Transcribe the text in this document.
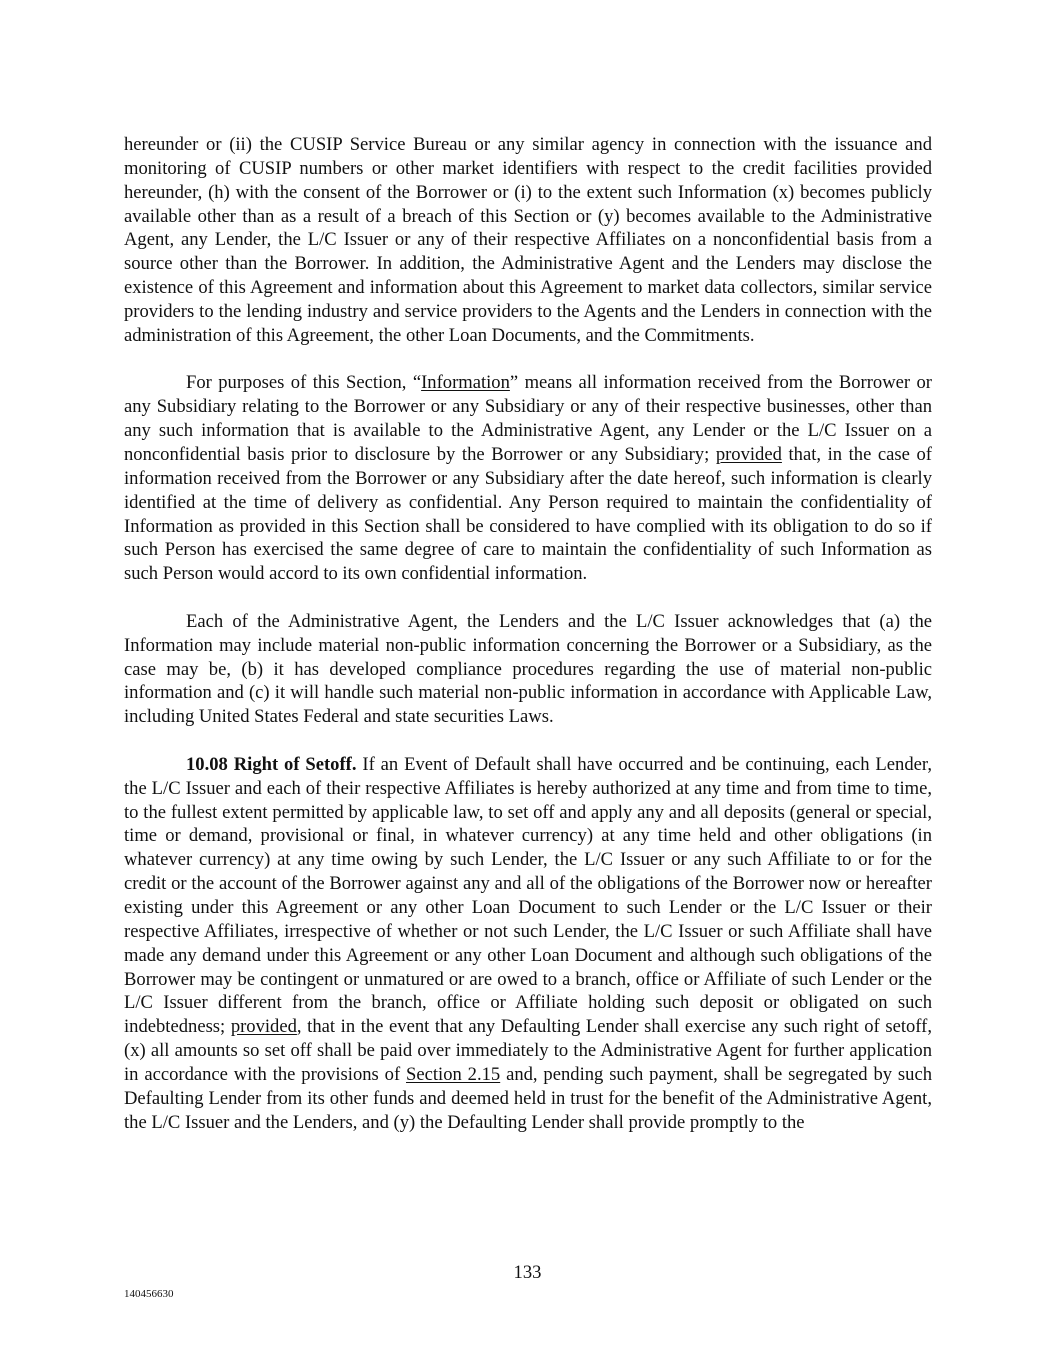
hereunder or (ii) the CUSIP Service Bureau or any similar agency in connection with the issuance and monitoring of CUSIP numbers or other market identifiers with respect to the credit facilities provided hereunder, (h) with the consent of the Borrower or (i) to the extent such Information (x) becomes publicly available other than as a result of a breach of this Section or (y) becomes available to the Administrative Agent, any Lender, the L/C Issuer or any of their respective Affiliates on a nonconfidential basis from a source other than the Borrower. In addition, the Administrative Agent and the Lenders may disclose the existence of this Agreement and information about this Agreement to market data collectors, similar service providers to the lending industry and service providers to the Agents and the Lenders in connection with the administration of this Agreement, the other Loan Documents, and the Commitments.

For purposes of this Section, “Information” means all information received from the Borrower or any Subsidiary relating to the Borrower or any Subsidiary or any of their respective businesses, other than any such information that is available to the Administrative Agent, any Lender or the L/C Issuer on a nonconfidential basis prior to disclosure by the Borrower or any Subsidiary; provided that, in the case of information received from the Borrower or any Subsidiary after the date hereof, such information is clearly identified at the time of delivery as confidential. Any Person required to maintain the confidentiality of Information as provided in this Section shall be considered to have complied with its obligation to do so if such Person has exercised the same degree of care to maintain the confidentiality of such Information as such Person would accord to its own confidential information.

Each of the Administrative Agent, the Lenders and the L/C Issuer acknowledges that (a) the Information may include material non-public information concerning the Borrower or a Subsidiary, as the case may be, (b) it has developed compliance procedures regarding the use of material non-public information and (c) it will handle such material non-public information in accordance with Applicable Law, including United States Federal and state securities Laws.

10.08 Right of Setoff. If an Event of Default shall have occurred and be continuing, each Lender, the L/C Issuer and each of their respective Affiliates is hereby authorized at any time and from time to time, to the fullest extent permitted by applicable law, to set off and apply any and all deposits (general or special, time or demand, provisional or final, in whatever currency) at any time held and other obligations (in whatever currency) at any time owing by such Lender, the L/C Issuer or any such Affiliate to or for the credit or the account of the Borrower against any and all of the obligations of the Borrower now or hereafter existing under this Agreement or any other Loan Document to such Lender or the L/C Issuer or their respective Affiliates, irrespective of whether or not such Lender, the L/C Issuer or such Affiliate shall have made any demand under this Agreement or any other Loan Document and although such obligations of the Borrower may be contingent or unmatured or are owed to a branch, office or Affiliate of such Lender or the L/C Issuer different from the branch, office or Affiliate holding such deposit or obligated on such indebtedness; provided, that in the event that any Defaulting Lender shall exercise any such right of setoff, (x) all amounts so set off shall be paid over immediately to the Administrative Agent for further application in accordance with the provisions of Section 2.15 and, pending such payment, shall be segregated by such Defaulting Lender from its other funds and deemed held in trust for the benefit of the Administrative Agent, the L/C Issuer and the Lenders, and (y) the Defaulting Lender shall provide promptly to the

133
140456630
